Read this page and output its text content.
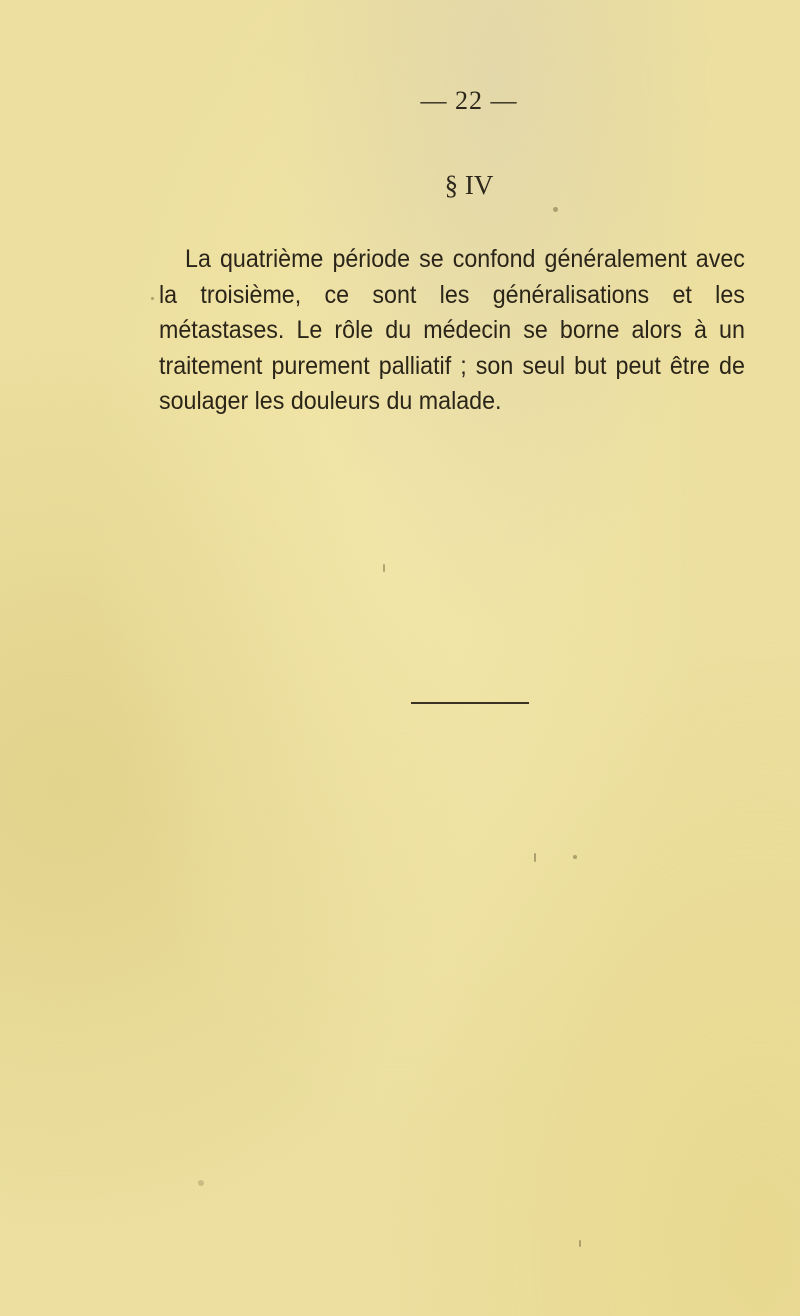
— 22 —
§ IV

La quatrième période se confond généralement avec la troisième, ce sont les généralisations et les métastases. Le rôle du médecin se borne alors à un traitement purement palliatif ; son seul but peut être de soulager les douleurs du malade.
